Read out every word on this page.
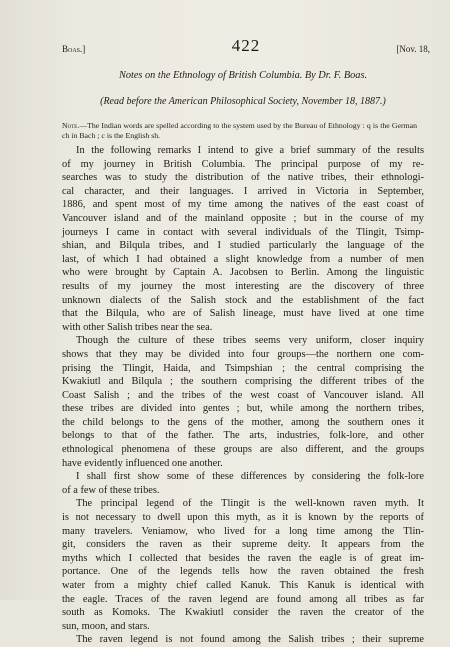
Boas.]	422	[Nov. 18,
Notes on the Ethnology of British Columbia. By Dr. F. Boas.
(Read before the American Philosophical Society, November 18, 1887.)
Note.—The Indian words are spelled according to the system used by the Bureau of Ethnology : q is the German ch in Bach ; c is the English sh.
In the following remarks I intend to give a brief summary of the results
of my journey in British Columbia. The principal purpose of my re-
searches was to study the distribution of the native tribes, their ethnologi-
cal character, and their languages. I arrived in Victoria in September,
1886, and spent most of my time among the natives of the east coast of
Vancouver island and of the mainland opposite ; but in the course of my
journeys I came in contact with several individuals of the Tlingit, Tsimp-
shian, and Bilqula tribes, and I studied particularly the language of the
last, of which I had obtained a slight knowledge from a number of men
who were brought by Captain A. Jacobsen to Berlin. Among the linguistic
results of my journey the most interesting are the discovery of three
unknown dialects of the Salish stock and the establishment of the fact
that the Bilqula, who are of Salish lineage, must have lived at one time
with other Salish tribes near the sea.
Though the culture of these tribes seems very uniform, closer inquiry
shows that they may be divided into four groups—the northern one com-
prising the Tlingit, Haida, and Tsimpshian ; the central comprising the
Kwakiutl and Bilqula ; the southern comprising the different tribes of the
Coast Salish ; and the tribes of the west coast of Vancouver island. All
these tribes are divided into gentes ; but, while among the northern tribes,
the child belongs to the gens of the mother, among the southern ones it
belongs to that of the father. The arts, industries, folk-lore, and other
ethnological phenomena of these groups are also different, and the groups
have evidently influenced one another.
I shall first show some of these differences by considering the folk-lore
of a few of these tribes.
The principal legend of the Tlingit is the well-known raven myth. It
is not necessary to dwell upon this myth, as it is known by the reports of
many travelers. Veniamow, who lived for a long time among the Tlin-
git, considers the raven as their supreme deity. It appears from the
myths which I collected that besides the raven the eagle is of great im-
portance. One of the legends tells how the raven obtained the fresh
water from a mighty chief called Kanuk. This Kanuk is identical with
the eagle. Traces of the raven legend are found among all tribes as far
south as Komoks. The Kwakiutl consider the raven the creator of the
sun, moon, and stars.
The raven legend is not found among the Salish tribes ; their supreme
